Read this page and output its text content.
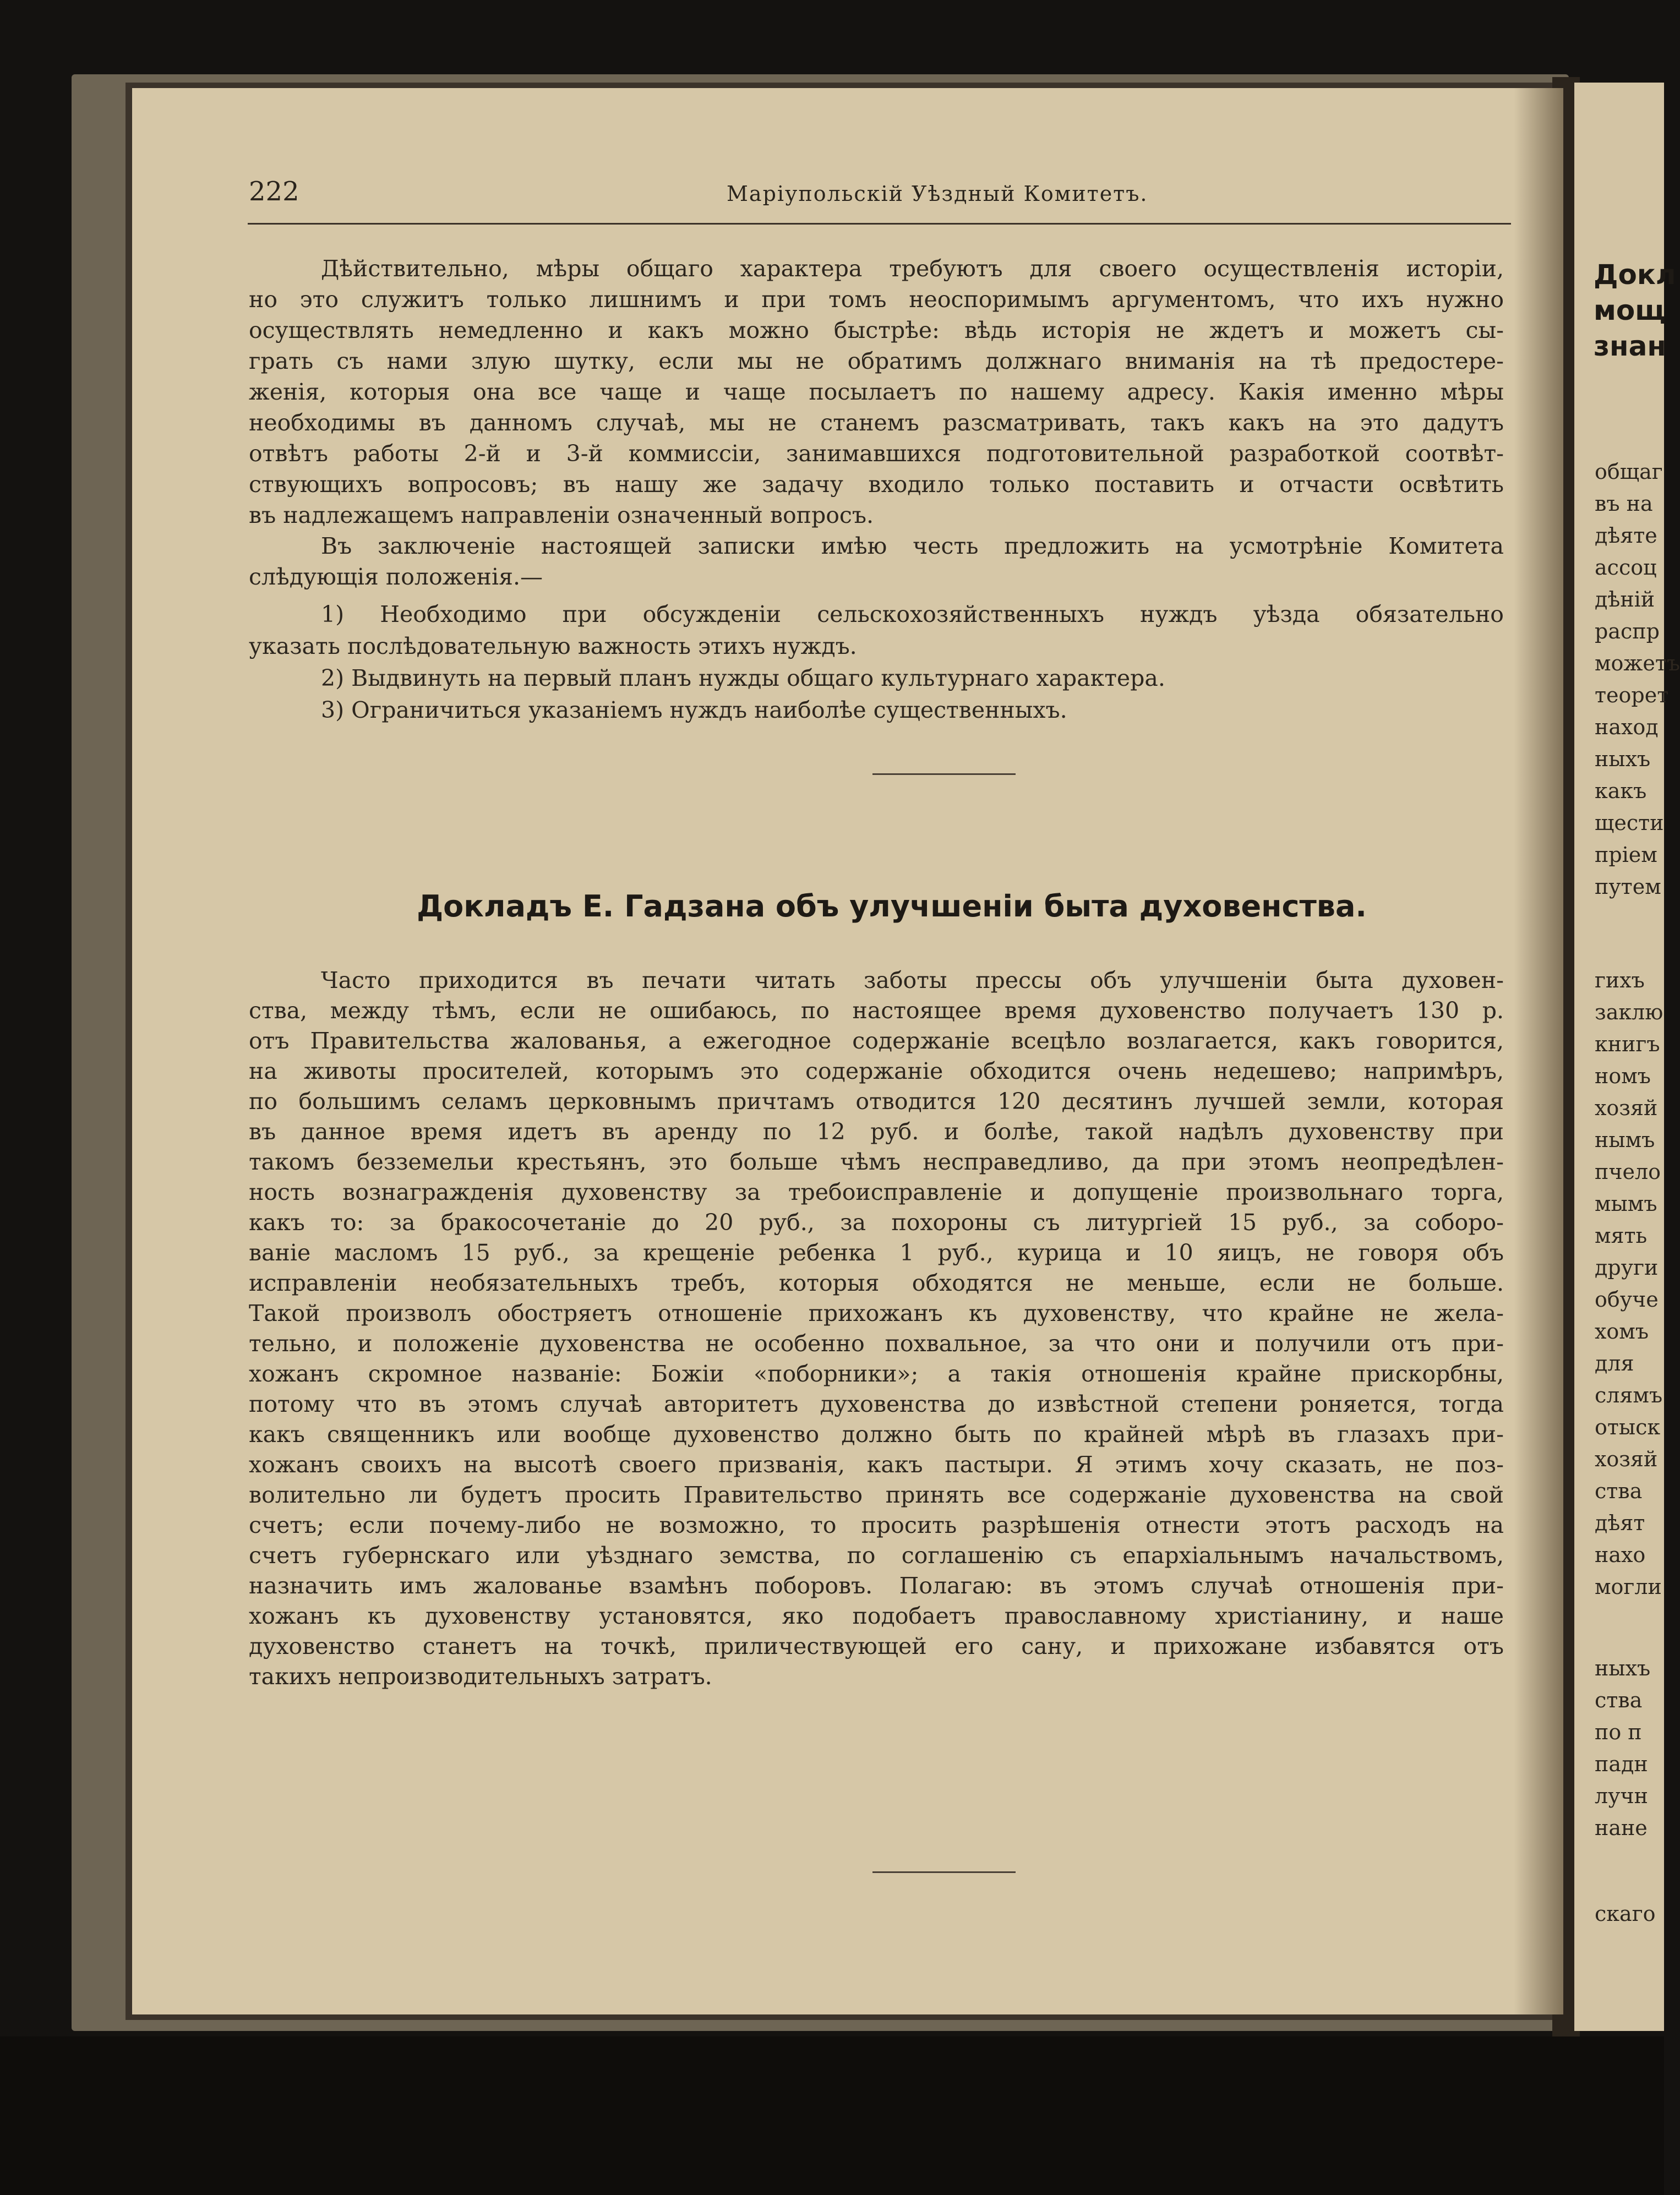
222	Маріупольскій Уѣздный Комитетъ.
Дѣйствительно, мѣры общаго характера требуютъ для своего осуществленія исторіи,
но это служитъ только лишнимъ и при томъ неоспоримымъ аргументомъ, что ихъ нужно
осуществлять немедленно и какъ можно быстрѣе: вѣдь исторія не ждетъ и можетъ сы-
грать съ нами злую шутку, если мы не обратимъ должнаго вниманія на тѣ предостере-
женія, которыя она все чаще и чаще посылаетъ по нашему адресу. Какія именно мѣры
необходимы въ данномъ случаѣ, мы не станемъ разсматривать, такъ какъ на это дадутъ
отвѣтъ работы 2-й и 3-й коммиссіи, занимавшихся подготовительной разработкой соотвѣт-
ствующихъ вопросовъ; въ нашу же задачу входило только поставить и отчасти освѣтить
въ надлежащемъ направленіи означенный вопросъ.
Въ заключеніе настоящей записки имѣю честь предложить на усмотрѣніе Комитета
слѣдующія положенія.—
1) Необходимо при обсужденіи сельскохозяйственныхъ нуждъ уѣзда обязательно
указать послѣдовательную важность этихъ нуждъ.
2) Выдвинуть на первый планъ нужды общаго культурнаго характера.
3) Ограничиться указаніемъ нуждъ наиболѣе существенныхъ.
Докладъ Е. Гадзана объ улучшеніи быта духовенства.
Часто приходится въ печати читать заботы прессы объ улучшеніи быта духовен-
ства, между тѣмъ, если не ошибаюсь, по настоящее время духовенство получаетъ 130 р.
отъ Правительства жалованья, а ежегодное содержаніе всецѣло возлагается, какъ говорится,
на животы просителей, которымъ это содержаніе обходится очень недешево; напримѣръ,
по большимъ селамъ церковнымъ причтамъ отводится 120 десятинъ лучшей земли, которая
въ данное время идетъ въ аренду по 12 руб. и болѣе, такой надѣлъ духовенству при
такомъ безземельи крестьянъ, это больше чѣмъ несправедливо, да при этомъ неопредѣлен-
ность вознагражденія духовенству за требоисправленіе и допущеніе произвольнаго торга,
какъ то: за бракосочетаніе до 20 руб., за похороны съ литургіей 15 руб., за соборо-
ваніе масломъ 15 руб., за крещеніе ребенка 1 руб., курица и 10 яицъ, не говоря объ
исправленіи необязательныхъ требъ, которыя обходятся не меньше, если не больше.
Такой произволъ обостряетъ отношеніе прихожанъ къ духовенству, что крайне не жела-
тельно, и положеніе духовенства не особенно похвальное, за что они и получили отъ при-
хожанъ скромное названіе: Божіи «поборники»; а такія отношенія крайне прискорбны,
потому что въ этомъ случаѣ авторитетъ духовенства до извѣстной степени роняется, тогда
какъ священникъ или вообще духовенство должно быть по крайней мѣрѣ въ глазахъ при-
хожанъ своихъ на высотѣ своего призванія, какъ пастыри. Я этимъ хочу сказать, не поз-
волительно ли будетъ просить Правительство принять все содержаніе духовенства на свой
счетъ; если почему-либо не возможно, то просить разрѣшенія отнести этотъ расходъ на
счетъ губернскаго или уѣзднаго земства, по соглашенію съ епархіальнымъ начальствомъ,
назначить имъ жалованье взамѣнъ поборовъ. Полагаю: въ этомъ случаѣ отношенія при-
хожанъ къ духовенству установятся, яко подобаетъ православному христіанину, и наше
духовенство станетъ на точкѣ, приличествующей его сану, и прихожане избавятся отъ
такихъ непроизводительныхъ затратъ.
Докл
мощ
знан
общаг
въ на
дѣяте
ассоц
дѣній
распр
можетъ
теорет
наход
ныхъ
какъ
щести
пріем
путем
гихъ
заклю
книгъ
номъ
хозяй
нымъ
пчело
мымъ
мять
други
обуче
хомъ
для
слямъ
отыск
хозяй
ства
дѣят
нахо
могли
ныхъ
ства
по п
падн
лучн
нане
скаго
